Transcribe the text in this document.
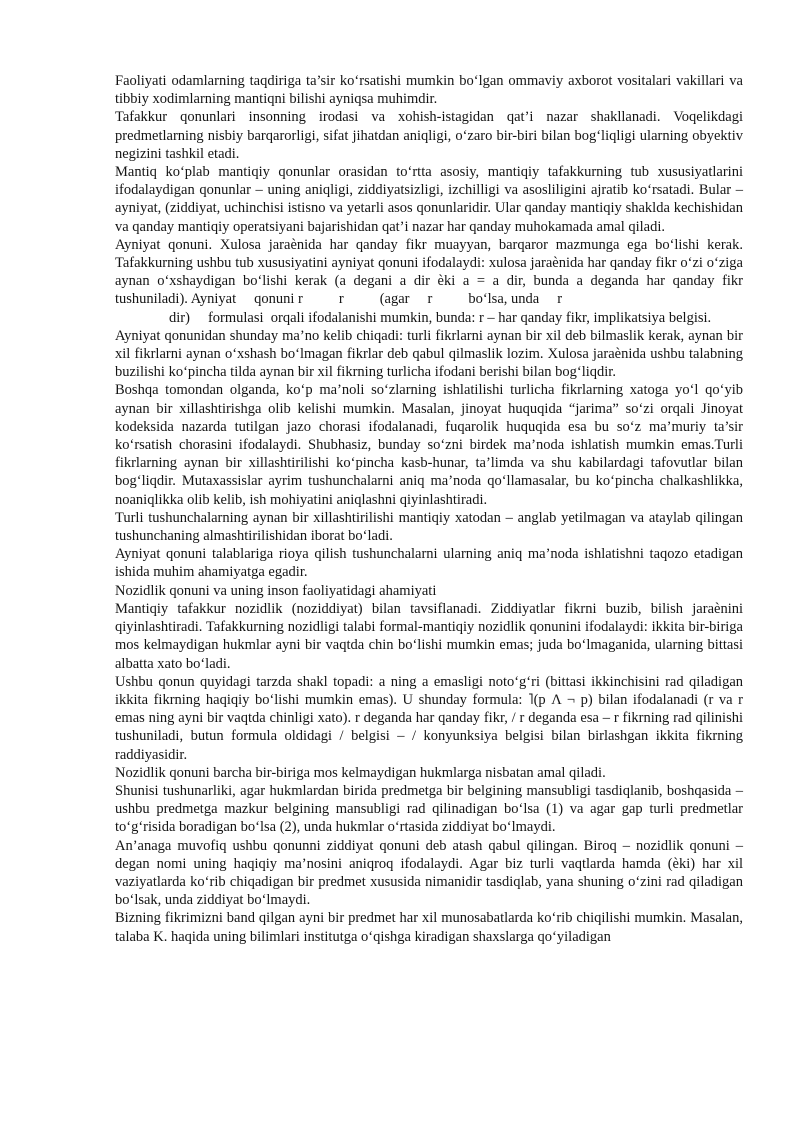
Faoliyati odamlarning taqdiriga ta’sir ko‘rsatishi mumkin bo‘lgan ommaviy axborot vositalari vakillari va tibbiy xodimlarning mantiqni bilishi ayniqsa muhimdir.

Tafakkur qonunlari insonning irodasi va xohish-istagidan qat’i nazar shakllanadi. Voqelikdagi predmetlarning nisbiy barqarorligi, sifat jihatdan aniqligi, o‘zaro bir-biri bilan bog‘liqligi ularning obyektiv negizini tashkil etadi.

Mantiq ko‘plab mantiqiy qonunlar orasidan to‘rtta asosiy, mantiqiy tafakkurning tub xususiyatlarini ifodalaydigan qonunlar – uning aniqligi, ziddiyatsizligi, izchilligi va asosliligini ajratib ko‘rsatadi. Bular – ayniyat, (ziddiyat, uchinchisi istisno va yetarli asos qonunlaridir. Ular qanday mantiqiy shaklda kechishidan va qanday mantiqiy operatsiyani bajarishidan qat’i nazar har qanday muhokamada amal qiladi.

Ayniyat qonuni. Xulosa jaraènida har qanday fikr muayyan, barqaror mazmunga ega bo‘lishi kerak. Tafakkurning ushbu tub xususiyatini ayniyat qonuni ifodalaydi: xulosa jaraènida har qanday fikr o‘zi o‘ziga aynan o‘xshaydigan bo‘lishi kerak (a degani a dir èki a = a dir, bunda a deganda har qanday fikr tushuniladi). Ayniyat qonuni r r (agar r bo‘lsa, unda r

dir) formulasi orqali ifodalanishi mumkin, bunda: r – har qanday fikr, implikatsiya belgisi.

Ayniyat qonunidan shunday ma’no kelib chiqadi: turli fikrlarni aynan bir xil deb bilmaslik kerak, aynan bir xil fikrlarni aynan o‘xshash bo‘lmagan fikrlar deb qabul qilmaslik lozim. Xulosa jaraènida ushbu talabning buzilishi ko‘pincha tilda aynan bir xil fikrning turlicha ifodani berishi bilan bog‘liqdir.

Boshqa tomondan olganda, ko‘p ma’noli so‘zlarning ishlatilishi turlicha fikrlarning xatoga yo‘l qo‘yib aynan bir xillashtirishga olib kelishi mumkin. Masalan, jinoyat huquqida “jarima” so‘zi orqali Jinoyat kodeksida nazarda tutilgan jazo chorasi ifodalanadi, fuqarolik huquqida esa bu so‘z ma’muriy ta’sir ko‘rsatish chorasini ifodalaydi. Shubhasiz, bunday so‘zni birdek ma’noda ishlatish mumkin emas.Turli fikrlarning aynan bir xillashtirilishi ko‘pincha kasb-hunar, ta’limda va shu kabilardagi tafovutlar bilan bog‘liqdir. Mutaxassislar ayrim tushunchalarni aniq ma’noda qo‘llamasalar, bu ko‘pincha chalkashlikka, noaniqlikka olib kelib, ish mohiyatini aniqlashni qiyinlashtiradi.

Turli tushunchalarning aynan bir xillashtirilishi mantiqiy xatodan – anglab yetilmagan va ataylab qilingan tushunchaning almashtirilishidan iborat bo‘ladi.

Ayniyat qonuni talablariga rioya qilish tushunchalarni ularning aniq ma’noda ishlatishni taqozo etadigan ishida muhim ahamiyatga egadir.

Nozidlik qonuni va uning inson faoliyatidagi ahamiyati

Mantiqiy tafakkur nozidlik (noziddiyat) bilan tavsiflanadi. Ziddiyatlar fikrni buzib, bilish jaraènini qiyinlashtiradi. Tafakkurning nozidligi talabi formal-mantiqiy nozidlik qonunini ifodalaydi: ikkita bir-biriga mos kelmaydigan hukmlar ayni bir vaqtda chin bo‘lishi mumkin emas; juda bo‘lmaganida, ularning bittasi albatta xato bo‘ladi.

Ushbu qonun quyidagi tarzda shakl topadi: a ning a emasligi noto‘g‘ri (bittasi ikkinchisini rad qiladigan ikkita fikrning haqiqiy bo‘lishi mumkin emas). U shunday formula: ˥(p Λ ¬ p) bilan ifodalanadi (r va r emas ning ayni bir vaqtda chinligi xato). r deganda har qanday fikr, / r deganda esa – r fikrning rad qilinishi tushuniladi, butun formula oldidagi / belgisi – / konyunksiya belgisi bilan birlashgan ikkita fikrning raddiyasidir.

Nozidlik qonuni barcha bir-biriga mos kelmaydigan hukmlarga nisbatan amal qiladi.

Shunisi tushunarliki, agar hukmlardan birida predmetga bir belgining mansubligi tasdiqlanib, boshqasida – ushbu predmetga mazkur belgining mansubligi rad qilinadigan bo‘lsa (1) va agar gap turli predmetlar to‘g‘risida boradigan bo‘lsa (2), unda hukmlar o‘rtasida ziddiyat bo‘lmaydi.

An’anaga muvofiq ushbu qonunni ziddiyat qonuni deb atash qabul qilingan. Biroq – nozidlik qonuni – degan nomi uning haqiqiy ma’nosini aniqroq ifodalaydi. Agar biz turli vaqtlarda hamda (èki) har xil vaziyatlarda ko‘rib chiqadigan bir predmet xususida nimanidir tasdiqlab, yana shuning o‘zini rad qiladigan bo‘lsak, unda ziddiyat bo‘lmaydi.

Bizning fikrimizni band qilgan ayni bir predmet har xil munosabatlarda ko‘rib chiqilishi mumkin. Masalan, talaba K. haqida uning bilimlari institutga o‘qishga kiradigan shaxslarga qo‘yiladigan
